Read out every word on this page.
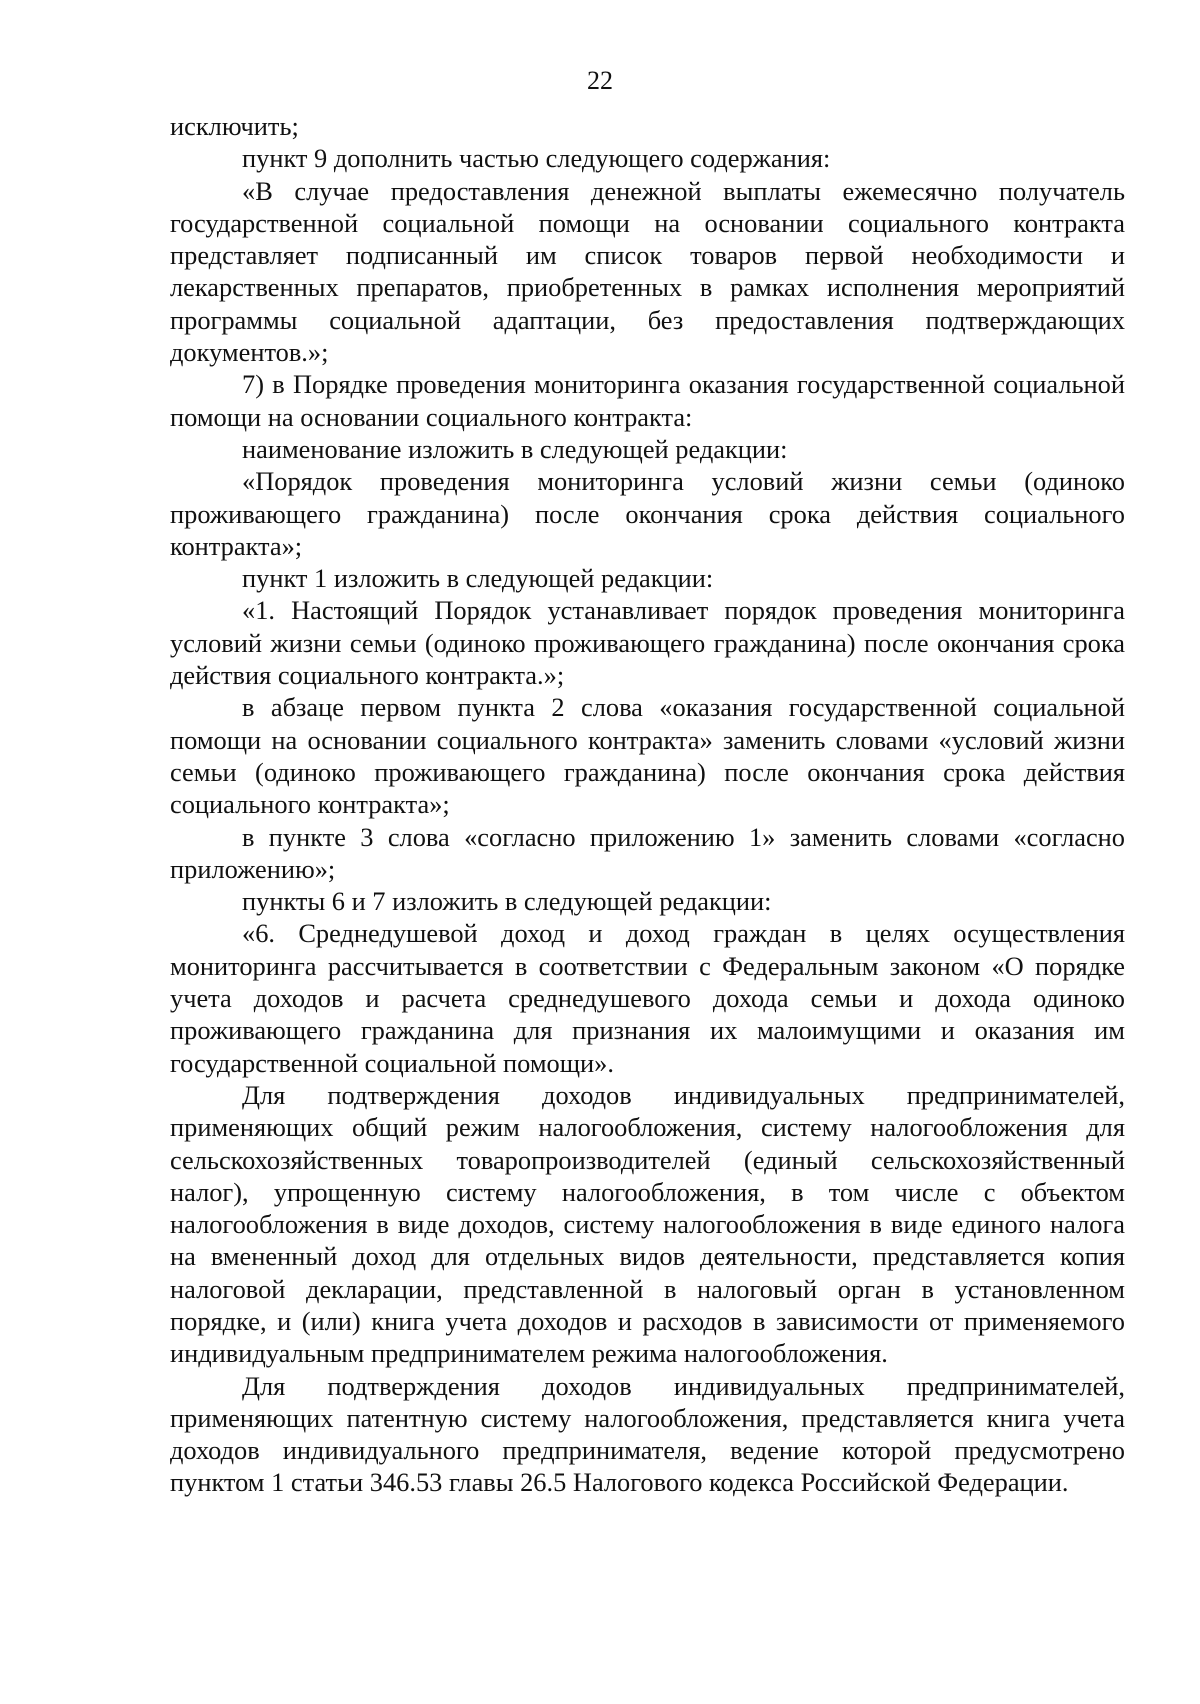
22

исключить;

пункт 9 дополнить частью следующего содержания:

«В случае предоставления денежной выплаты ежемесячно получатель государственной социальной помощи на основании социального контракта представляет подписанный им список товаров первой необходимости и лекарственных препаратов, приобретенных в рамках исполнения мероприятий программы социальной адаптации, без предоставления подтверждающих документов.»;

7) в Порядке проведения мониторинга оказания государственной социальной помощи на основании социального контракта:

наименование изложить в следующей редакции:

«Порядок проведения мониторинга условий жизни семьи (одиноко проживающего гражданина) после окончания срока действия социального контракта»;

пункт 1 изложить в следующей редакции:

«1. Настоящий Порядок устанавливает порядок проведения мониторинга условий жизни семьи (одиноко проживающего гражданина) после окончания срока действия социального контракта.»;

в абзаце первом пункта 2 слова «оказания государственной социальной помощи на основании социального контракта» заменить словами «условий жизни семьи (одиноко проживающего гражданина) после окончания срока действия социального контракта»;

в пункте 3 слова «согласно приложению 1» заменить словами «согласно приложению»;

пункты 6 и 7 изложить в следующей редакции:

«6. Среднедушевой доход и доход граждан в целях осуществления мониторинга рассчитывается в соответствии с Федеральным законом «О порядке учета доходов и расчета среднедушевого дохода семьи и дохода одиноко проживающего гражданина для признания их малоимущими и оказания им государственной социальной помощи».

Для подтверждения доходов индивидуальных предпринимателей, применяющих общий режим налогообложения, систему налогообложения для сельскохозяйственных товаропроизводителей (единый сельскохозяйственный налог), упрощенную систему налогообложения, в том числе с объектом налогообложения в виде доходов, систему налогообложения в виде единого налога на вмененный доход для отдельных видов деятельности, представляется копия налоговой декларации, представленной в налоговый орган в установленном порядке, и (или) книга учета доходов и расходов в зависимости от применяемого индивидуальным предпринимателем режима налогообложения.

Для подтверждения доходов индивидуальных предпринимателей, применяющих патентную систему налогообложения, представляется книга учета доходов индивидуального предпринимателя, ведение которой предусмотрено пунктом 1 статьи 346.53 главы 26.5 Налогового кодекса Российской Федерации.
